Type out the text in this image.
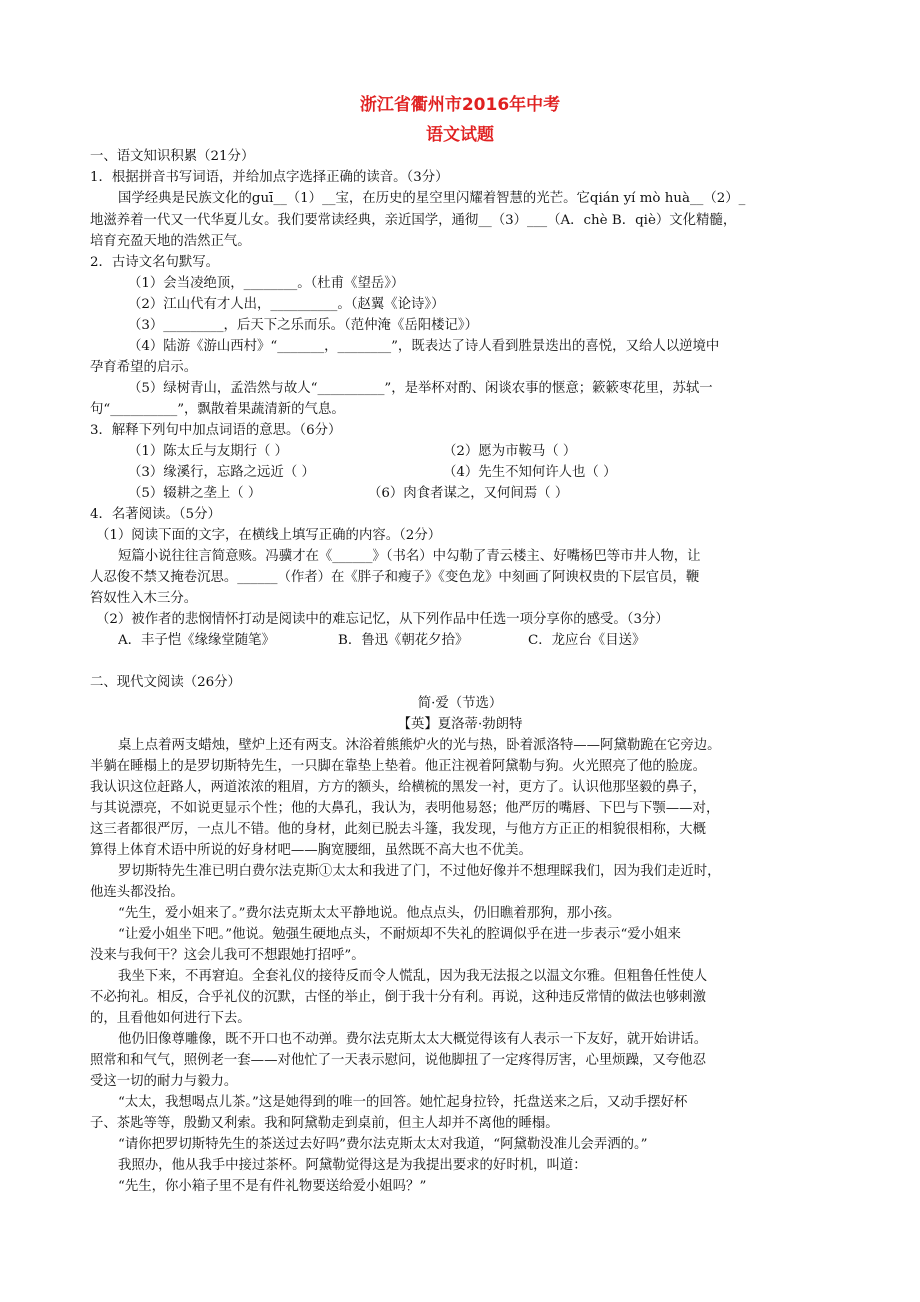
浙江省衢州市2016年中考
语文试题
一、语文知识积累（21分）
1．根据拼音书写词语，并给加点字选择正确的读音。（3分）
国学经典是民族文化的guī__（1）__宝，在历史的星空里闪耀着智慧的光芒。它qián yí mò huà__（2）_
地滋养着一代又一代华夏儿女。我们要常读经典，亲近国学，通彻__（3）___（A．chè B．qiè）文化精髓，
培育充盈天地的浩然正气。
2．古诗文名句默写。
（1）会当凌绝顶，________。（杜甫《望岳》）
（2）江山代有才人出，__________。（赵翼《论诗》）
（3）_________，后天下之乐而乐。（范仲淹《岳阳楼记》）
（4）陆游《游山西村》“_______，________”，既表达了诗人看到胜景迭出的喜悦，又给人以逆境中
孕育希望的启示。
（5）绿树青山，孟浩然与故人“__________”，是举杯对酌、闲谈农事的惬意；簌簌枣花里，苏轼一
句“__________”，飘散着果蔬清新的气息。
3．解释下列句中加点词语的意思。（6分）
（1）陈太丘与友期行（ ）	（2）愿为市鞍马（ ）
（3）缘溪行，忘路之远近（ ）	（4）先生不知何许人也（ ）
（5）辍耕之垄上（ ）	（6）肉食者谋之，又何间焉（ ）
4．名著阅读。（5分）
（1）阅读下面的文字，在横线上填写正确的内容。（2分）
短篇小说往往言简意赅。冯骥才在《______》（书名）中勾勒了青云楼主、好嘴杨巴等市井人物，让
人忍俊不禁又掩卷沉思。______（作者）在《胖子和瘦子》《变色龙》中刻画了阿谀权贵的下层官员，鞭
笞奴性入木三分。
（2）被作者的悲悯情怀打动是阅读中的难忘记忆，从下列作品中任选一项分享你的感受。（3分）
A．丰子恺《缘缘堂随笔》	B．鲁迅《朝花夕拾》	C．龙应台《目送》
二、现代文阅读（26分）
简·爱（节选）
【英】夏洛蒂·勃朗特
桌上点着两支蜡烛，壁炉上还有两支。沐浴着熊熊炉火的光与热，卧着派洛特——阿黛勒跪在它旁边。
半躺在睡榻上的是罗切斯特先生，一只脚在靠垫上垫着。他正注视着阿黛勒与狗。火光照亮了他的脸庞。
我认识这位赶路人，两道浓浓的粗眉，方方的额头，给横梳的黑发一衬，更方了。认识他那坚毅的鼻子，
与其说漂亮，不如说更显示个性；他的大鼻孔，我认为，表明他易怒；他严厉的嘴唇、下巴与下颚——对，
这三者都很严厉，一点儿不错。他的身材，此刻已脱去斗篷，我发现，与他方方正正的相貌很相称，大概
算得上体育术语中所说的好身材吧——胸宽腰细，虽然既不高大也不优美。
罗切斯特先生准已明白费尔法克斯①太太和我进了门，不过他好像并不想理睬我们，因为我们走近时，
他连头都没抬。
“先生，爱小姐来了。”费尔法克斯太太平静地说。他点点头，仍旧瞧着那狗，那小孩。
“让爱小姐坐下吧。”他说。勉强生硬地点头，不耐烦却不失礼的腔调似乎在进一步表示“爱小姐来
没来与我何干？这会儿我可不想跟她打招呼”。
我坐下来，不再窘迫。全套礼仪的接待反而令人慌乱，因为我无法报之以温文尔雅。但粗鲁任性使人
不必拘礼。相反，合乎礼仪的沉默，古怪的举止，倒于我十分有利。再说，这种违反常情的做法也够刺激
的，且看他如何进行下去。
他仍旧像尊雕像，既不开口也不动弹。费尔法克斯太太大概觉得该有人表示一下友好，就开始讲话。
照常和和气气，照例老一套——对他忙了一天表示慰问，说他脚扭了一定疼得厉害，心里烦躁，又夸他忍
受这一切的耐力与毅力。
“太太，我想喝点儿茶。”这是她得到的唯一的回答。她忙起身拉铃，托盘送来之后，又动手摆好杯
子、茶匙等等，殷勤又利索。我和阿黛勒走到桌前，但主人却并不离他的睡榻。
“请你把罗切斯特先生的茶送过去好吗”费尔法克斯太太对我道，“阿黛勒没准儿会弄洒的。”
我照办，他从我手中接过茶杯。阿黛勒觉得这是为我提出要求的好时机，叫道：
“先生，你小箱子里不是有件礼物要送给爱小姐吗？”
